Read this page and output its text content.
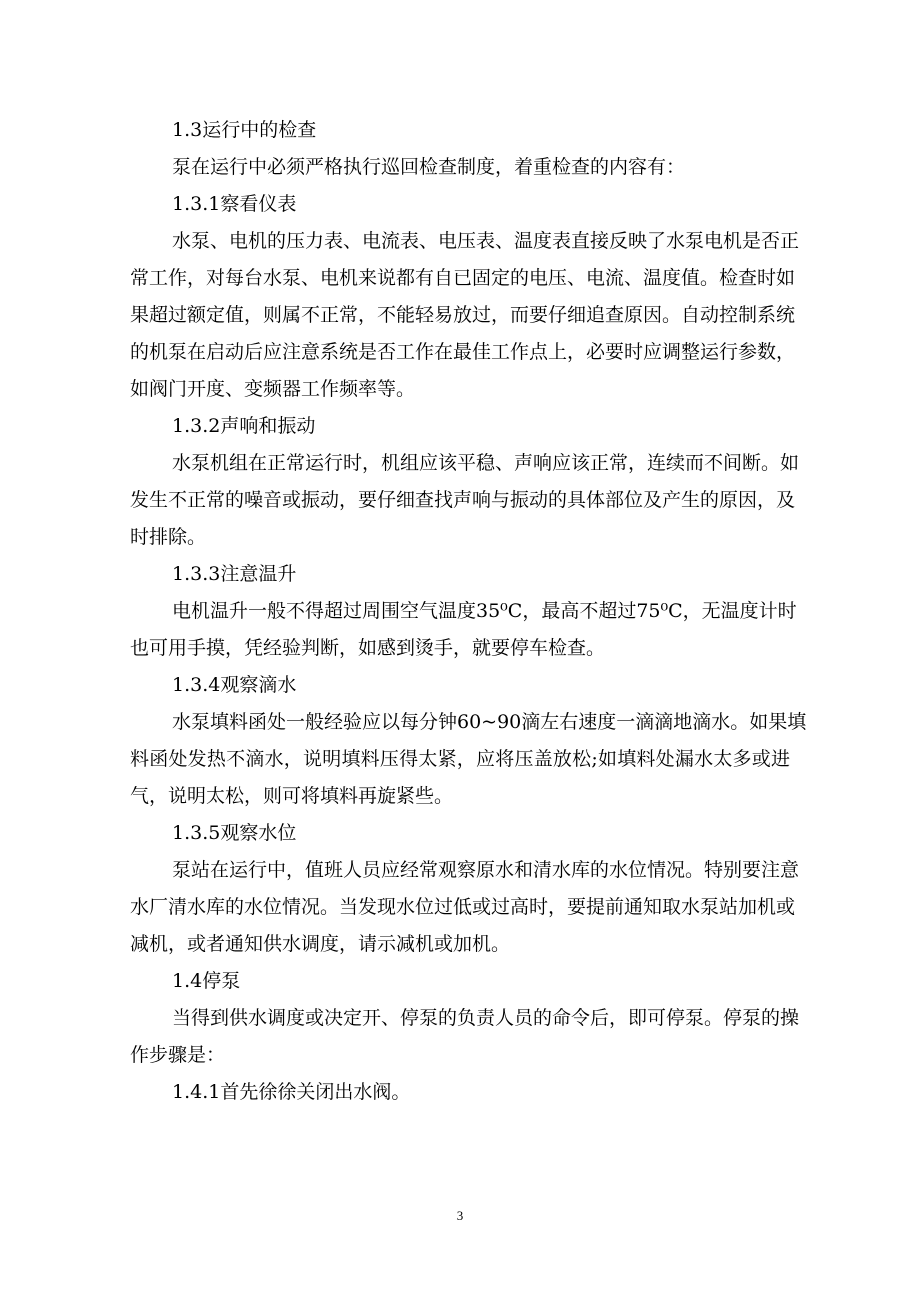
1.3运行中的检查
泵在运行中必须严格执行巡回检查制度，着重检查的内容有：
1.3.1察看仪表
水泵、电机的压力表、电流表、电压表、温度表直接反映了水泵电机是否正
常工作，对每台水泵、电机来说都有自已固定的电压、电流、温度值。检查时如
果超过额定值，则属不正常，不能轻易放过，而要仔细追查原因。自动控制系统
的机泵在启动后应注意系统是否工作在最佳工作点上，必要时应调整运行参数，
如阀门开度、变频器工作频率等。
1.3.2声响和振动
水泵机组在正常运行时，机组应该平稳、声响应该正常，连续而不间断。如
发生不正常的噪音或振动，要仔细查找声响与振动的具体部位及产生的原因，及
时排除。
1.3.3注意温升
电机温升一般不得超过周围空气温度35⁰C，最高不超过75⁰C，无温度计时
也可用手摸，凭经验判断，如感到烫手，就要停车检查。
1.3.4观察滴水
水泵填料函处一般经验应以每分钟60~90滴左右速度一滴滴地滴水。如果填
料函处发热不滴水，说明填料压得太紧，应将压盖放松;如填料处漏水太多或进
气，说明太松，则可将填料再旋紧些。
1.3.5观察水位
泵站在运行中，值班人员应经常观察原水和清水库的水位情况。特别要注意
水厂清水库的水位情况。当发现水位过低或过高时，要提前通知取水泵站加机或
减机，或者通知供水调度，请示减机或加机。
1.4停泵
当得到供水调度或决定开、停泵的负责人员的命令后，即可停泵。停泵的操
作步骤是：
1.4.1首先徐徐关闭出水阀。
3
